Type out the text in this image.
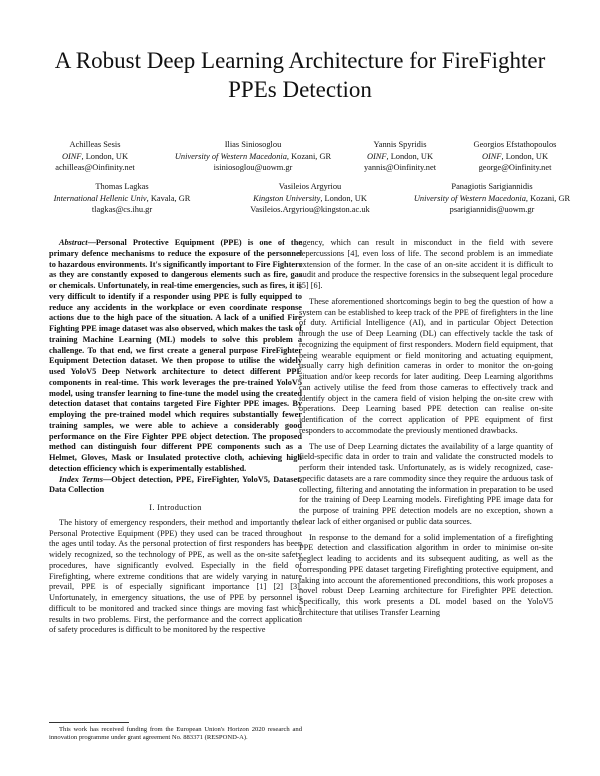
A Robust Deep Learning Architecture for FireFighter PPEs Detection
Achilleas Sesis
OINF, London, UK
achilleas@Oinfinity.net
Ilias Siniosoglou
University of Western Macedonia, Kozani, GR
isiniosoglou@uowm.gr
Yannis Spyridis
OINF, London, UK
yannis@Oinfinity.net
Georgios Efstathopoulos
OINF, London, UK
george@Oinfinity.net
Thomas Lagkas
International Hellenic Univ, Kavala, GR
tlagkas@cs.ihu.gr
Vasileios Argyriou
Kingston University, London, UK
Vasileios.Argyriou@kingston.ac.uk
Panagiotis Sarigiannidis
University of Western Macedonia, Kozani, GR
psarigiannidis@uowm.gr

Abstract—Personal Protective Equipment (PPE) is one of the primary defence mechanisms to reduce the exposure of the personnel to hazardous environments. It's significantly important to Fire Fighters as they are constantly exposed to dangerous elements such as fire, gas or chemicals. Unfortunately, in real-time emergencies, such as fires, it is very difficult to identify if a responder using PPE is fully equipped to reduce any accidents in the workplace or even coordinate response actions due to the high pace of the situation. A lack of a unified Fire Fighting PPE image dataset was also observed, which makes the task of training Machine Learning (ML) models to solve this problem a challenge. To that end, we first create a general purpose FireFighter Equipment Detection dataset. We then propose to utilise the widely used YoloV5 Deep Network architecture to detect different PPE components in real-time. This work leverages the pre-trained YoloV5 model, using transfer learning to fine-tune the model using the created detection dataset that contains targeted Fire Fighter PPE images. By employing the pre-trained model which requires substantially fewer training samples, we were able to achieve a considerably good performance on the Fire Fighter PPE object detection. The proposed method can distinguish four different PPE components such as a Helmet, Gloves, Mask or Insulated protective cloth, achieving high detection efficiency which is experimentally established.

Index Terms—Object detection, PPE, FireFighter, YoloV5, Dataset, Data Collection

I. Introduction

The history of emergency responders, their method and importantly the Personal Protective Equipment (PPE) they used can be traced throughout the ages until today. As the personal protection of first responders has been widely recognized, so the technology of PPE, as well as the on-site safety procedures, have significantly evolved. Especially in the field of Firefighting, where extreme conditions that are widely varying in nature prevail, PPE is of especially significant importance [1] [2] [3]. Unfortunately, in emergency situations, the use of PPE by personnel is difficult to be monitored and tracked since things are moving fast which results in two problems. First, the performance and the correct application of safety procedures is difficult to be monitored by the respective

agency, which can result in misconduct in the field with severe repercussions [4], even loss of life. The second problem is an immediate extension of the former. In the case of an on-site accident it is difficult to audit and produce the respective forensics in the subsequent legal procedure [5] [6].

These aforementioned shortcomings begin to beg the question of how a system can be established to keep track of the PPE of firefighters in the line of duty. Artificial Intelligence (AI), and in particular Object Detection through the use of Deep Learning (DL) can effectively tackle the task of recognizing the equipment of first responders. Modern field equipment, that being wearable equipment or field monitoring and actuating equipment, usually carry high definition cameras in order to monitor the on-going situation and/or keep records for later auditing. Deep Learning algorithms can actively utilise the feed from those cameras to effectively track and identify object in the camera field of vision helping the on-site crew with operations. Deep Learning based PPE detection can realise on-site identification of the correct application of PPE equipment of first responders to accommodate the previously mentioned drawbacks.

The use of Deep Learning dictates the availability of a large quantity of field-specific data in order to train and validate the constructed models to perform their intended task. Unfortunately, as is widely recognized, case-specific datasets are a rare commodity since they require the arduous task of collecting, filtering and annotating the information in preparation to be used for the training of Deep Learning models. Firefighting PPE image data for the purpose of training PPE detection models are no exception, shown a clear lack of either organised or public data sources.

In response to the demand for a solid implementation of a firefighting PPE detection and classification algorithm in order to minimise on-site neglect leading to accidents and its subsequent auditing, as well as the corresponding PPE dataset targeting Firefighting protective equipment, and taking into account the aforementioned preconditions, this work proposes a novel robust Deep Learning architecture for Firefighter PPE detection. Specifically, this work presents a DL model based on the YoloV5 architecture that utilises Transfer Learning

This work has received funding from the European Union's Horizon 2020 research and innovation programme under grant agreement No. 883371 (RESPOND-A).
